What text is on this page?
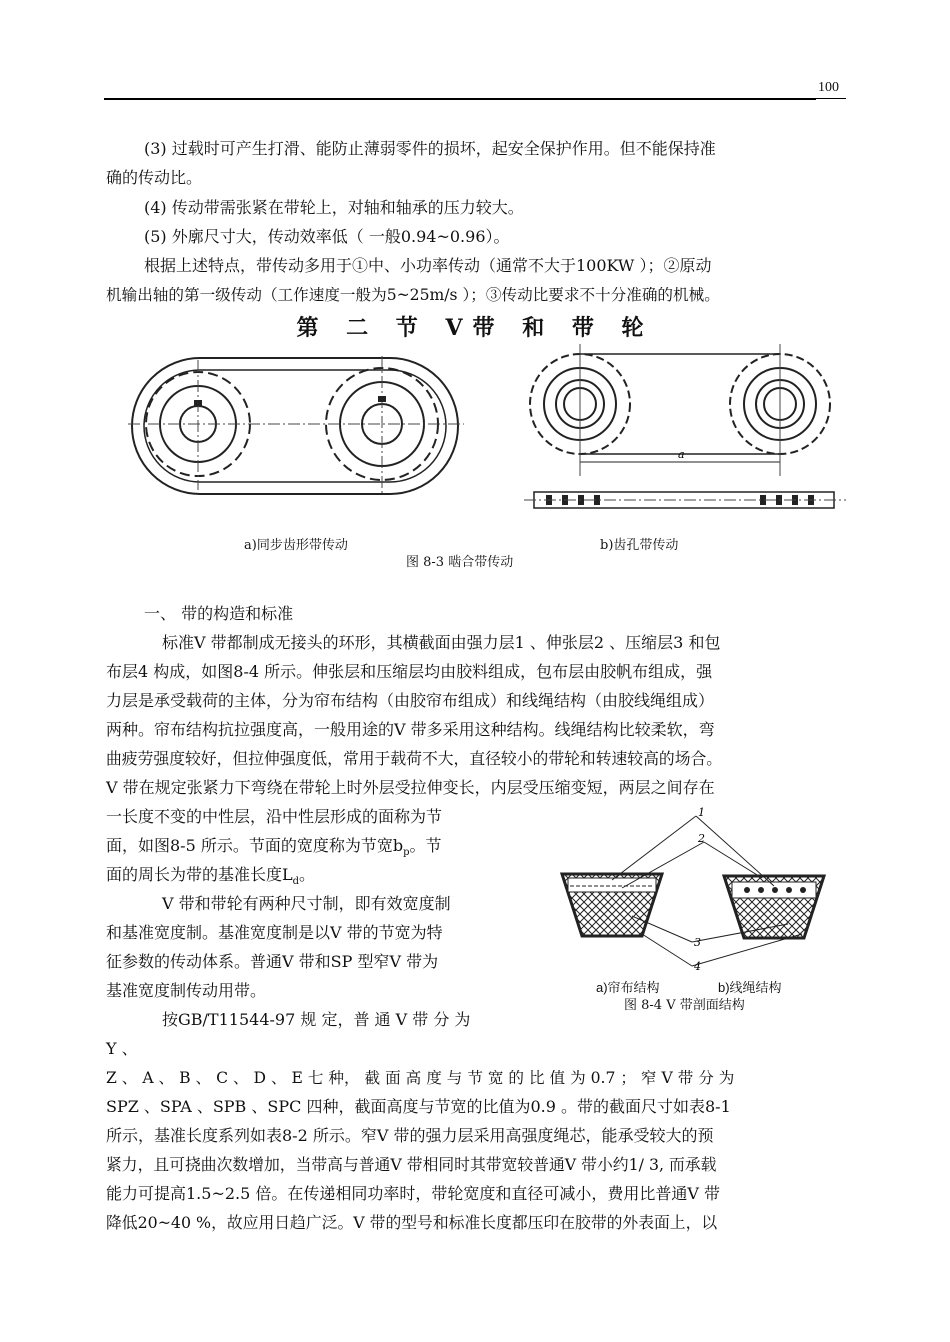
100
(3) 过载时可产生打滑、能防止薄弱零件的损坏，起安全保护作用。但不能保持准
确的传动比。
(4) 传动带需张紧在带轮上，对轴和轴承的压力较大。
(5) 外廓尺寸大，传动效率低（ 一般0.94~0.96）。
根据上述特点，带传动多用于①中、小功率传动（通常不大于100KW ）；②原动
机输出轴的第一级传动（工作速度一般为5~25m/s ）；③传动比要求不十分准确的机械。
第 二 节 V带 和 带 轮
a
a)同步齿形带传动	b)齿孔带传动
图 8-3 啮合带传动
一、 带的构造和标准
标准V 带都制成无接头的环形，其横截面由强力层1 、伸张层2 、压缩层3 和包
布层4 构成，如图8-4 所示。伸张层和压缩层均由胶料组成，包布层由胶帆布组成，强
力层是承受载荷的主体，分为帘布结构（由胶帘布组成）和线绳结构（由胶线绳组成）
两种。帘布结构抗拉强度高，一般用途的V 带多采用这种结构。线绳结构比较柔软，弯
曲疲劳强度较好，但拉伸强度低，常用于载荷不大，直径较小的带轮和转速较高的场合。
V 带在规定张紧力下弯绕在带轮上时外层受拉伸变长，内层受压缩变短，两层之间存在
一长度不变的中性层，沿中性层形成的面称为节
面，如图8-5 所示。节面的宽度称为节宽$b_p$。节
面的周长为带的基准长度$L_d$。
V 带和带轮有两种尺寸制，即有效宽度制
和基准宽度制。基准宽度制是以V 带的节宽为特
征参数的传动体系。普通V 带和SP 型窄V 带为
基准宽度制传动用带。
按GB/T11544-97 规 定，普 通 V 带 分 为
Y 、
Z 、 A 、 B 、 C 、 D 、 E 七 种， 截 面 高 度 与 节 宽 的 比 值 为 0.7 ； 窄 V 带 分 为
SPZ 、SPA 、SPB 、SPC 四种，截面高度与节宽的比值为0.9 。带的截面尺寸如表8-1
所示，基准长度系列如表8-2 所示。窄V 带的强力层采用高强度绳芯，能承受较大的预
紧力，且可挠曲次数增加，当带高与普通V 带相同时其带宽较普通V 带小约1/ 3, 而承载
能力可提高1.5~2.5 倍。在传递相同功率时，带轮宽度和直径可减小，费用比普通V 带
降低20~40 %，故应用日趋广泛。V 带的型号和标准长度都压印在胶带的外表面上，以
1
2
3
4
a)帘布结构	b)线绳结构
图 8-4 V 带剖面结构
